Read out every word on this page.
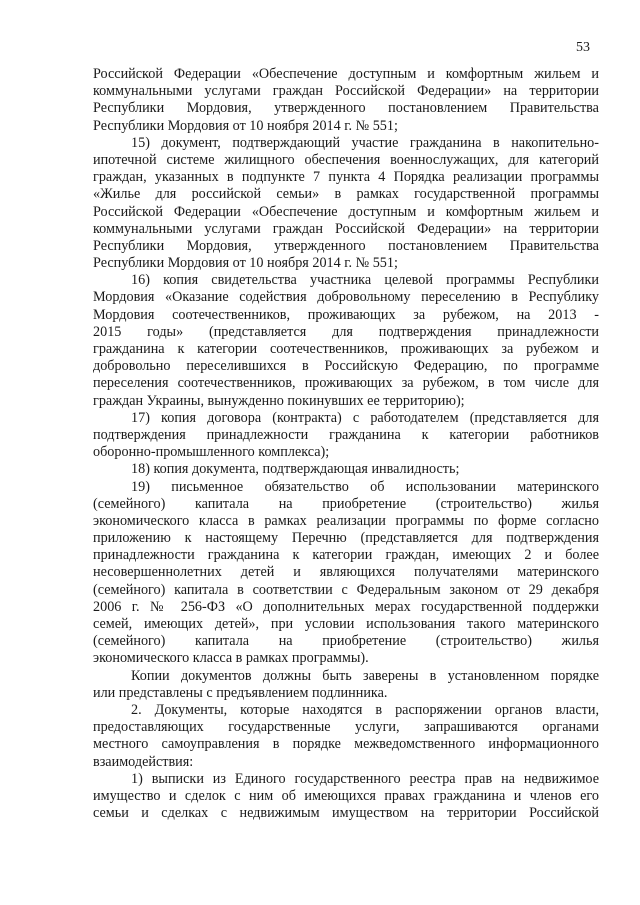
53
Российской Федерации «Обеспечение доступным и комфортным жильем и
коммунальными услугами граждан Российской Федерации» на территории
Республики Мордовия, утвержденного постановлением Правительства
Республики Мордовия от 10 ноября 2014 г. № 551;
15) документ, подтверждающий участие гражданина в накопительно-
ипотечной системе жилищного обеспечения военнослужащих, для категорий
граждан, указанных в подпункте 7 пункта 4 Порядка реализации программы
«Жилье для российской семьи» в рамках государственной программы
Российской Федерации «Обеспечение доступным и комфортным жильем и
коммунальными услугами граждан Российской Федерации» на территории
Республики Мордовия, утвержденного постановлением Правительства
Республики Мордовия от 10 ноября 2014 г. № 551;
16) копия свидетельства участника целевой программы Республики
Мордовия «Оказание содействия добровольному переселению в Республику
Мордовия соотечественников, проживающих за рубежом, на 2013 -
2015 годы» (представляется для подтверждения принадлежности
гражданина к категории соотечественников, проживающих за рубежом и
добровольно переселившихся в Российскую Федерацию, по программе
переселения соотечественников, проживающих за рубежом, в том числе для
граждан Украины, вынужденно покинувших ее территорию);
17) копия договора (контракта) с работодателем (представляется для
подтверждения принадлежности гражданина к категории работников
оборонно-промышленного комплекса);
18) копия документа, подтверждающая инвалидность;
19) письменное обязательство об использовании материнского
(семейного) капитала на приобретение (строительство) жилья
экономического класса в рамках реализации программы по форме согласно
приложению к настоящему Перечню (представляется для подтверждения
принадлежности гражданина к категории граждан, имеющих 2 и более
несовершеннолетних детей и являющихся получателями материнского
(семейного) капитала в соответствии с Федеральным законом от 29 декабря
2006 г. № 256-ФЗ «О дополнительных мерах государственной поддержки
семей, имеющих детей», при условии использования такого материнского
(семейного) капитала на приобретение (строительство) жилья
экономического класса в рамках программы).
Копии документов должны быть заверены в установленном порядке
или представлены с предъявлением подлинника.
2. Документы, которые находятся в распоряжении органов власти,
предоставляющих государственные услуги, запрашиваются органами
местного самоуправления в порядке межведомственного информационного
взаимодействия:
1) выписки из Единого государственного реестра прав на недвижимое
имущество и сделок с ним об имеющихся правах гражданина и членов его
семьи и сделках с недвижимым имуществом на территории Российской
